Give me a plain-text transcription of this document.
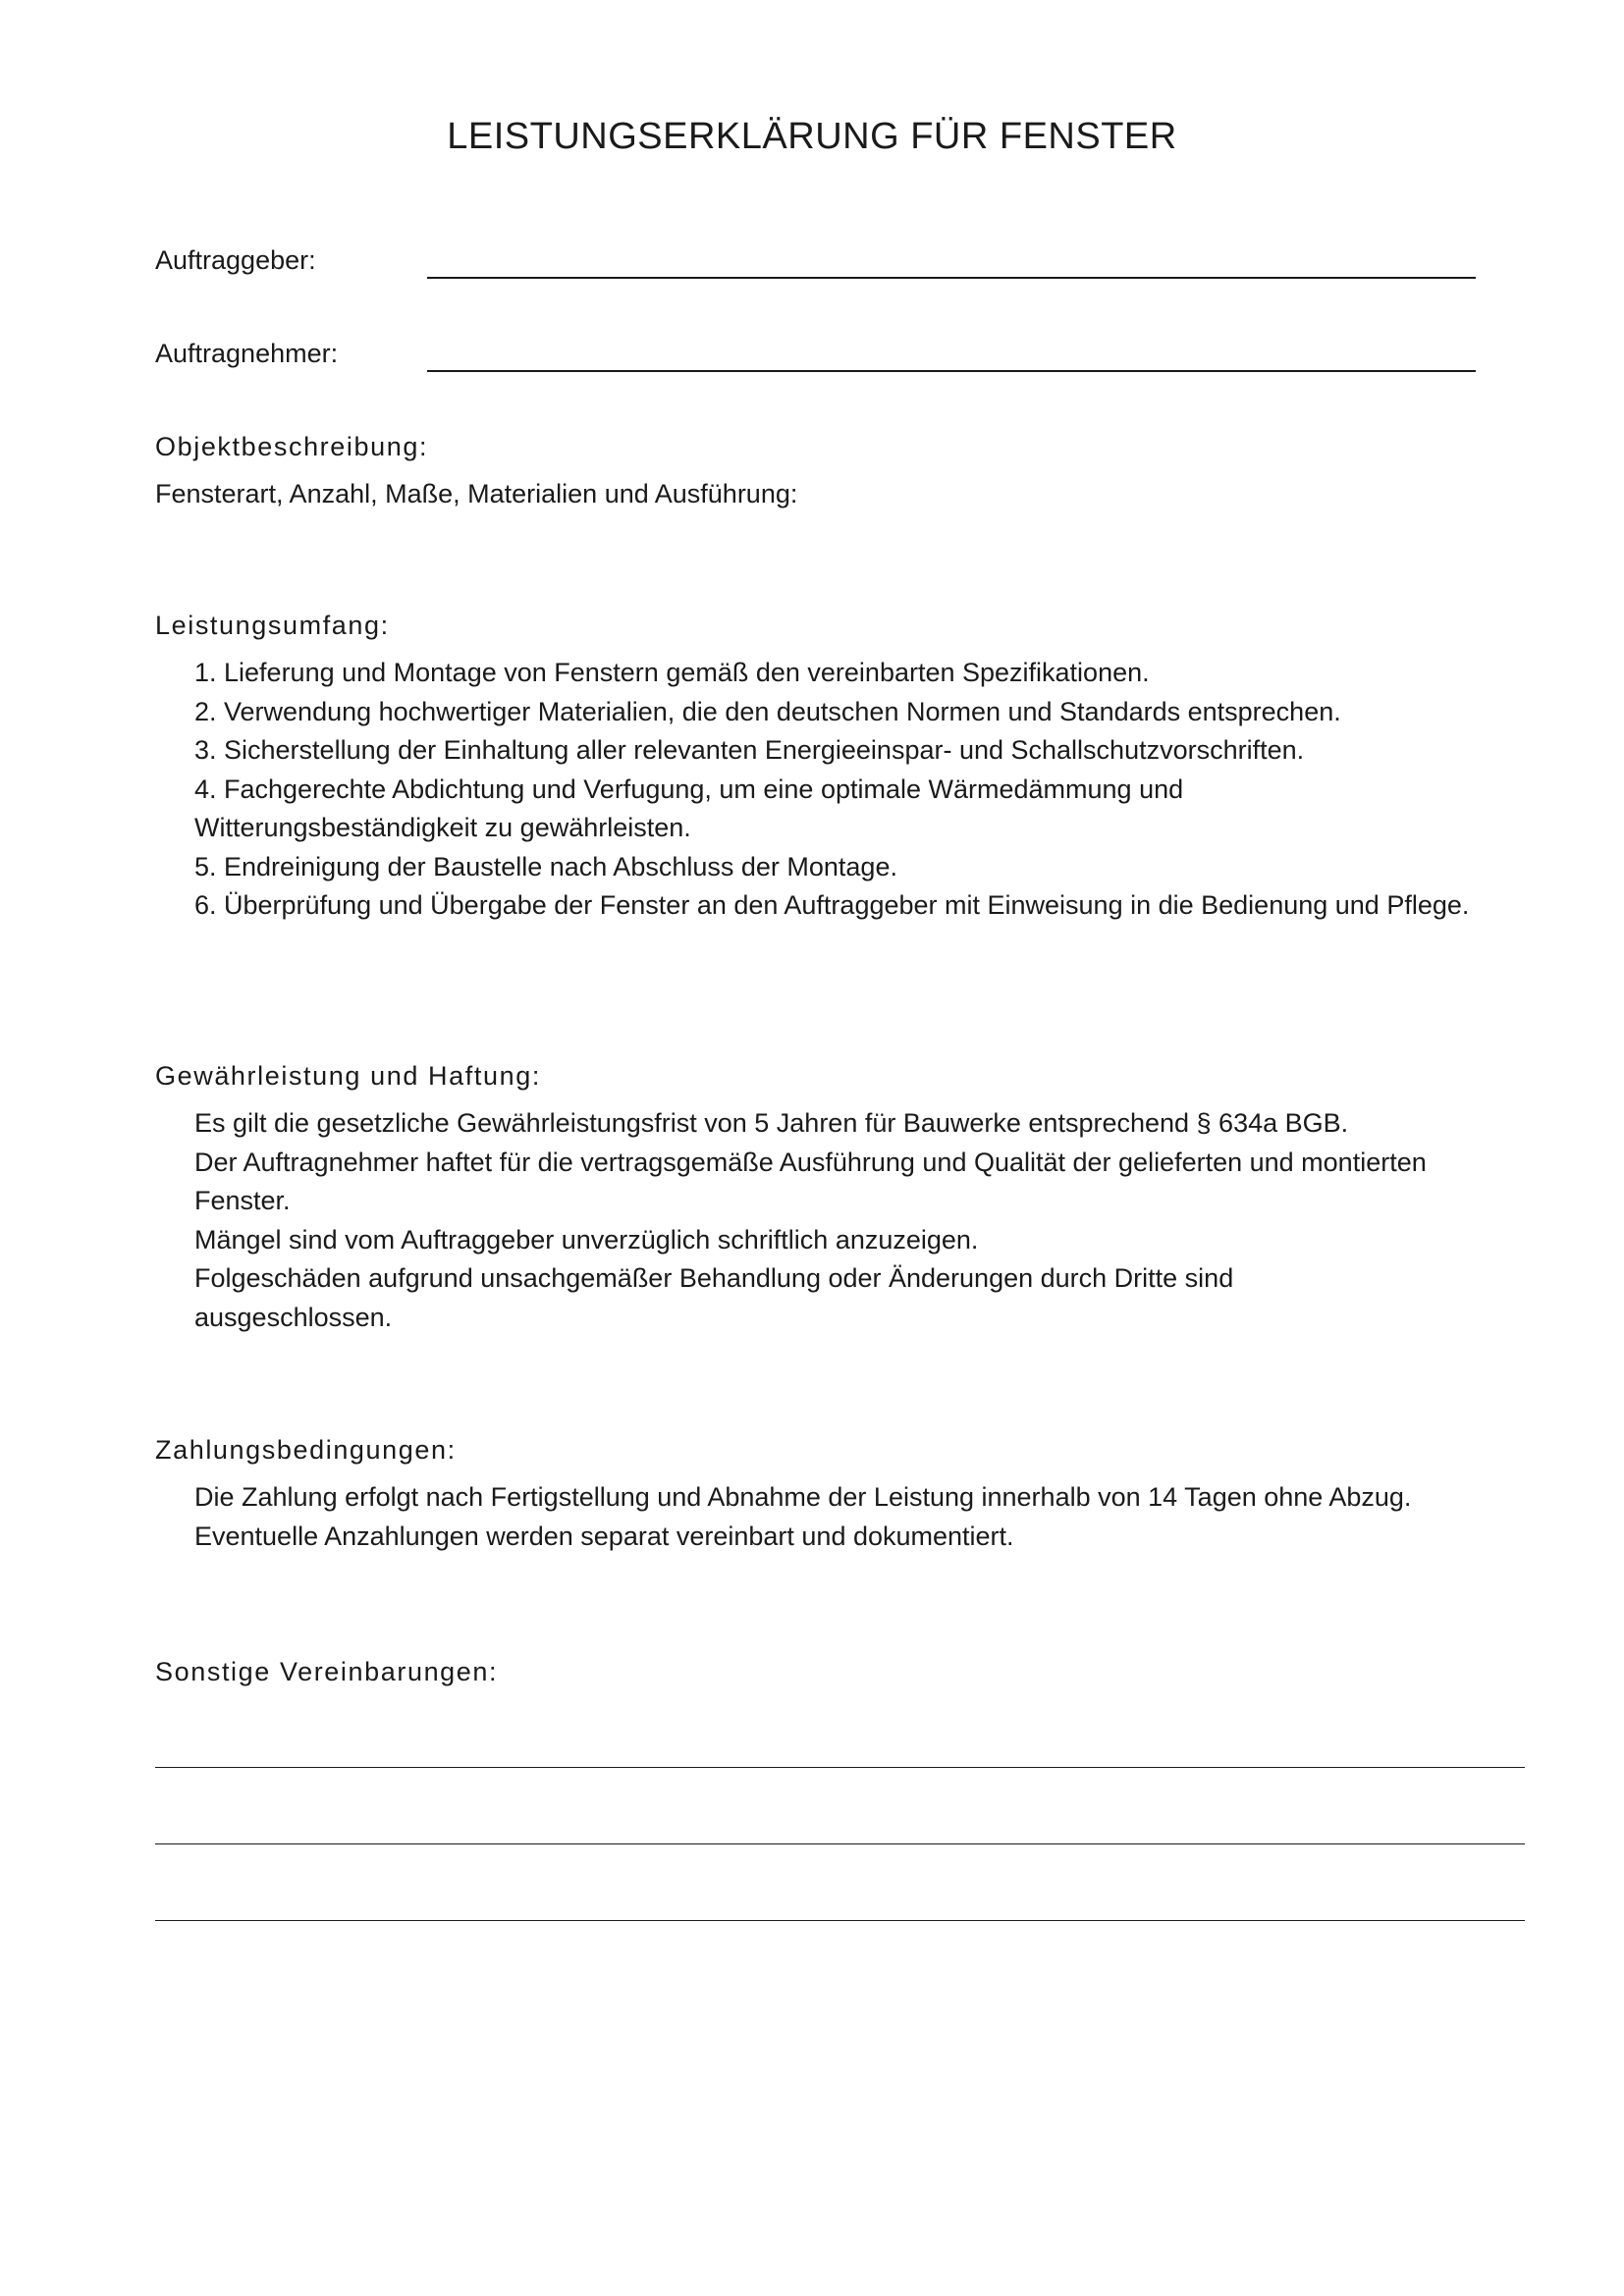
LEISTUNGSERKLÄRUNG FÜR FENSTER
Auftraggeber:
Auftragnehmer:
Objektbeschreibung:
Fensterart, Anzahl, Maße, Materialien und Ausführung:
Leistungsumfang:

1. Lieferung und Montage von Fenstern gemäß den vereinbarten Spezifikationen.

2. Verwendung hochwertiger Materialien, die den deutschen Normen und Standards entsprechen.

3. Sicherstellung der Einhaltung aller relevanten Energieeinspar- und Schallschutzvorschriften.

4. Fachgerechte Abdichtung und Verfugung, um eine optimale Wärmedämmung und Witterungsbeständigkeit zu gewährleisten.

5. Endreinigung der Baustelle nach Abschluss der Montage.

6. Überprüfung und Übergabe der Fenster an den Auftraggeber mit Einweisung in die Bedienung und Pflege.

Gewährleistung und Haftung:

Es gilt die gesetzliche Gewährleistungsfrist von 5 Jahren für Bauwerke entsprechend § 634a BGB.

Der Auftragnehmer haftet für die vertragsgemäße Ausführung und Qualität der gelieferten und montierten Fenster.

Mängel sind vom Auftraggeber unverzüglich schriftlich anzuzeigen.

Folgeschäden aufgrund unsachgemäßer Behandlung oder Änderungen durch Dritte sind ausgeschlossen.

Zahlungsbedingungen:

Die Zahlung erfolgt nach Fertigstellung und Abnahme der Leistung innerhalb von 14 Tagen ohne Abzug.

Eventuelle Anzahlungen werden separat vereinbart und dokumentiert.

Sonstige Vereinbarungen:
